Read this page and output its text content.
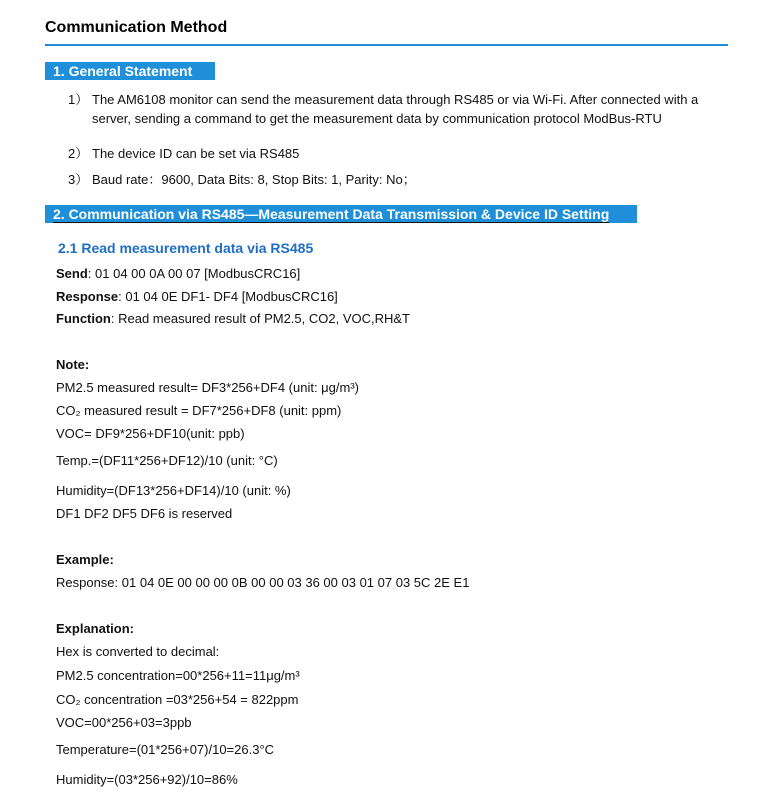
Communication Method
1. General Statement
1） The AM6108 monitor can send the measurement data through RS485 or via Wi-Fi. After connected with a
server, sending a command to get the measurement data by communication protocol ModBus-RTU
2） The device ID can be set via RS485
3） Baud rate：9600, Data Bits: 8, Stop Bits: 1, Parity: No；
2. Communication via RS485—Measurement Data Transmission & Device ID Setting
2.1 Read measurement data via RS485
Send: 01 04 00 0A 00 07 [ModbusCRC16]
Response: 01 04 0E DF1- DF4 [ModbusCRC16]
Function: Read measured result of PM2.5, CO2, VOC,RH&T
Note:
PM2.5 measured result= DF3*256+DF4 (unit: μg/m³)
CO₂ measured result = DF7*256+DF8 (unit: ppm)
VOC= DF9*256+DF10(unit: ppb)
Temp.=(DF11*256+DF12)/10 (unit: °C)
Humidity=(DF13*256+DF14)/10 (unit: %)
DF1 DF2 DF5 DF6 is reserved
Example:
Response: 01 04 0E 00 00 00 0B 00 00 03 36 00 03 01 07 03 5C 2E E1
Explanation:
Hex is converted to decimal:
PM2.5 concentration=00*256+11=11μg/m³
CO₂ concentration =03*256+54 = 822ppm
VOC=00*256+03=3ppb
Temperature=(01*256+07)/10=26.3°C
Humidity=(03*256+92)/10=86%
